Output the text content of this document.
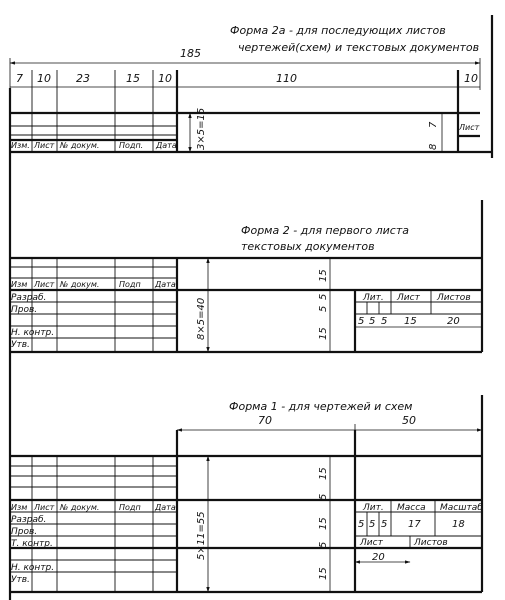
Форма 2а - для последующих листов
чертежей(схем) и текстовых документов
185
7 10 23	15 10	110	10
Лист
Изм. Лист № докум. Подп. Дата 3×5=15	8
7
Форма 2 - для первого листа
текстовых документов
Изм Лист № докум. Подп Дата
Разраб.
Пров.
Н. контр.
Утв.
8×5=40
15
5
5
15
Лит. Лист Листов
5 5 5 15	20
Форма 1 - для чертежей и схем
70	50
Изм Лист № докум. Подп Дата
Разраб.
Пров.
Т. контр.
Н. контр.
Утв.
5×11=55
15
5
15
5
15
Лит. Масса Масштаб
5 5 5 17	18
Лист	Листов
20
